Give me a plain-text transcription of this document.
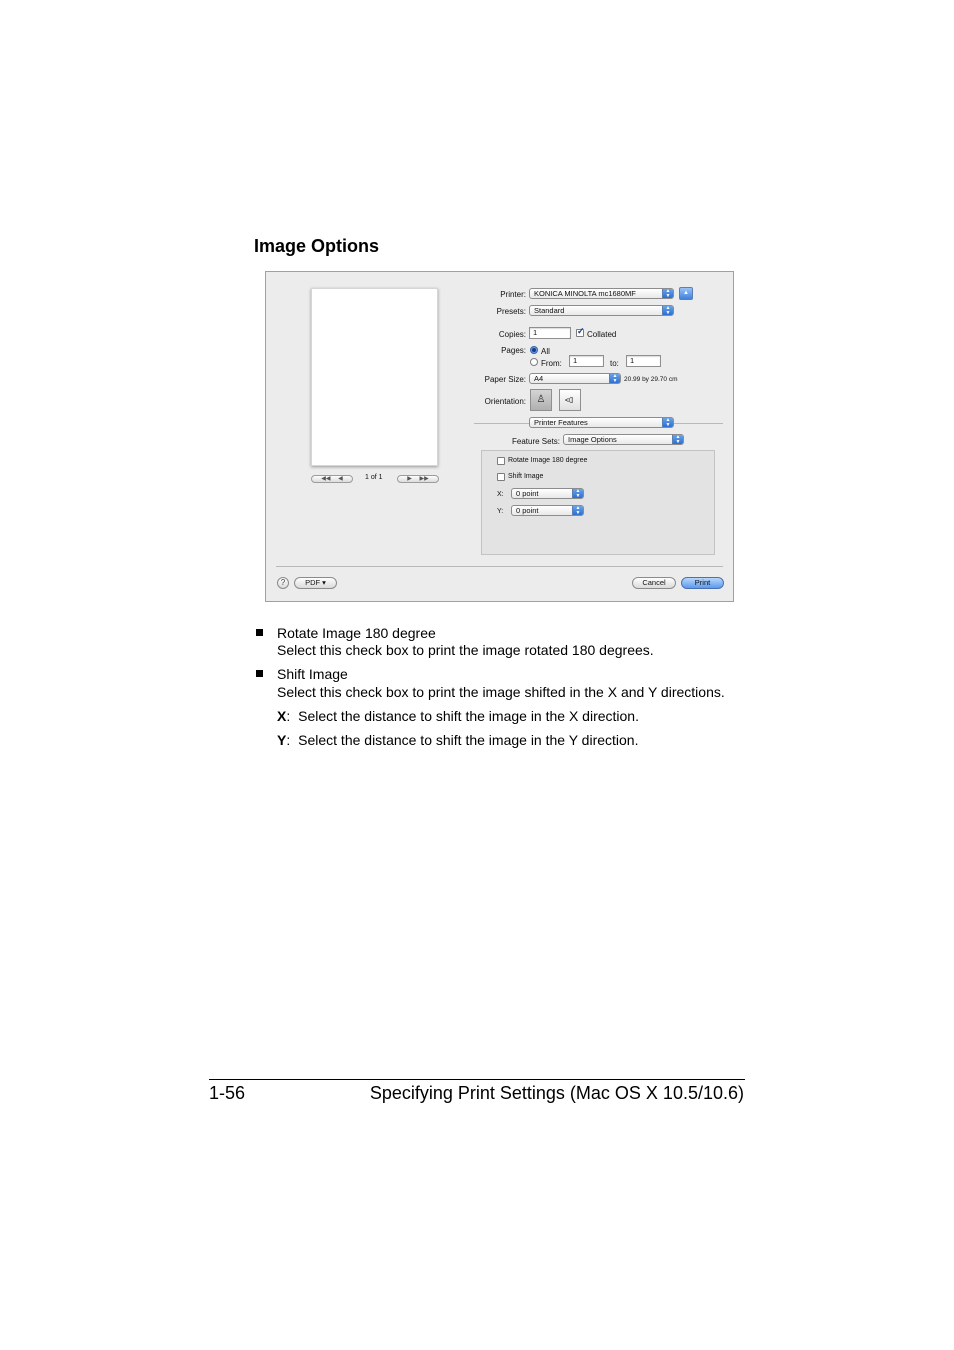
Image Options
◀◀ ◀	1 of 1	▶ ▶▶
Printer:	KONICA MINOLTA mc1680MF	▲
▼	▲
Presets:	Standard	▲
▼
Copies: 1
✓	Collated
Pages: All
From:	1	to:	1
Paper Size:	A4	▲
▼	20.99 by 29.70 cm
Orientation:	♙	♙
Printer Features	▲
▼
Feature Sets:	Image Options	▲
▼
Rotate Image 180 degree
Shift Image
X:	0 point	▲
▼
Y:	0 point	▲
▼
?	PDF ▾	Cancel	Print
Rotate Image 180 degree
Select this check box to print the image rotated 180 degrees.
Shift Image
Select this check box to print the image shifted in the X and Y directions.
X: Select the distance to shift the image in the X direction.
Y: Select the distance to shift the image in the Y direction.
1-56	Specifying Print Settings (Mac OS X 10.5/10.6)
